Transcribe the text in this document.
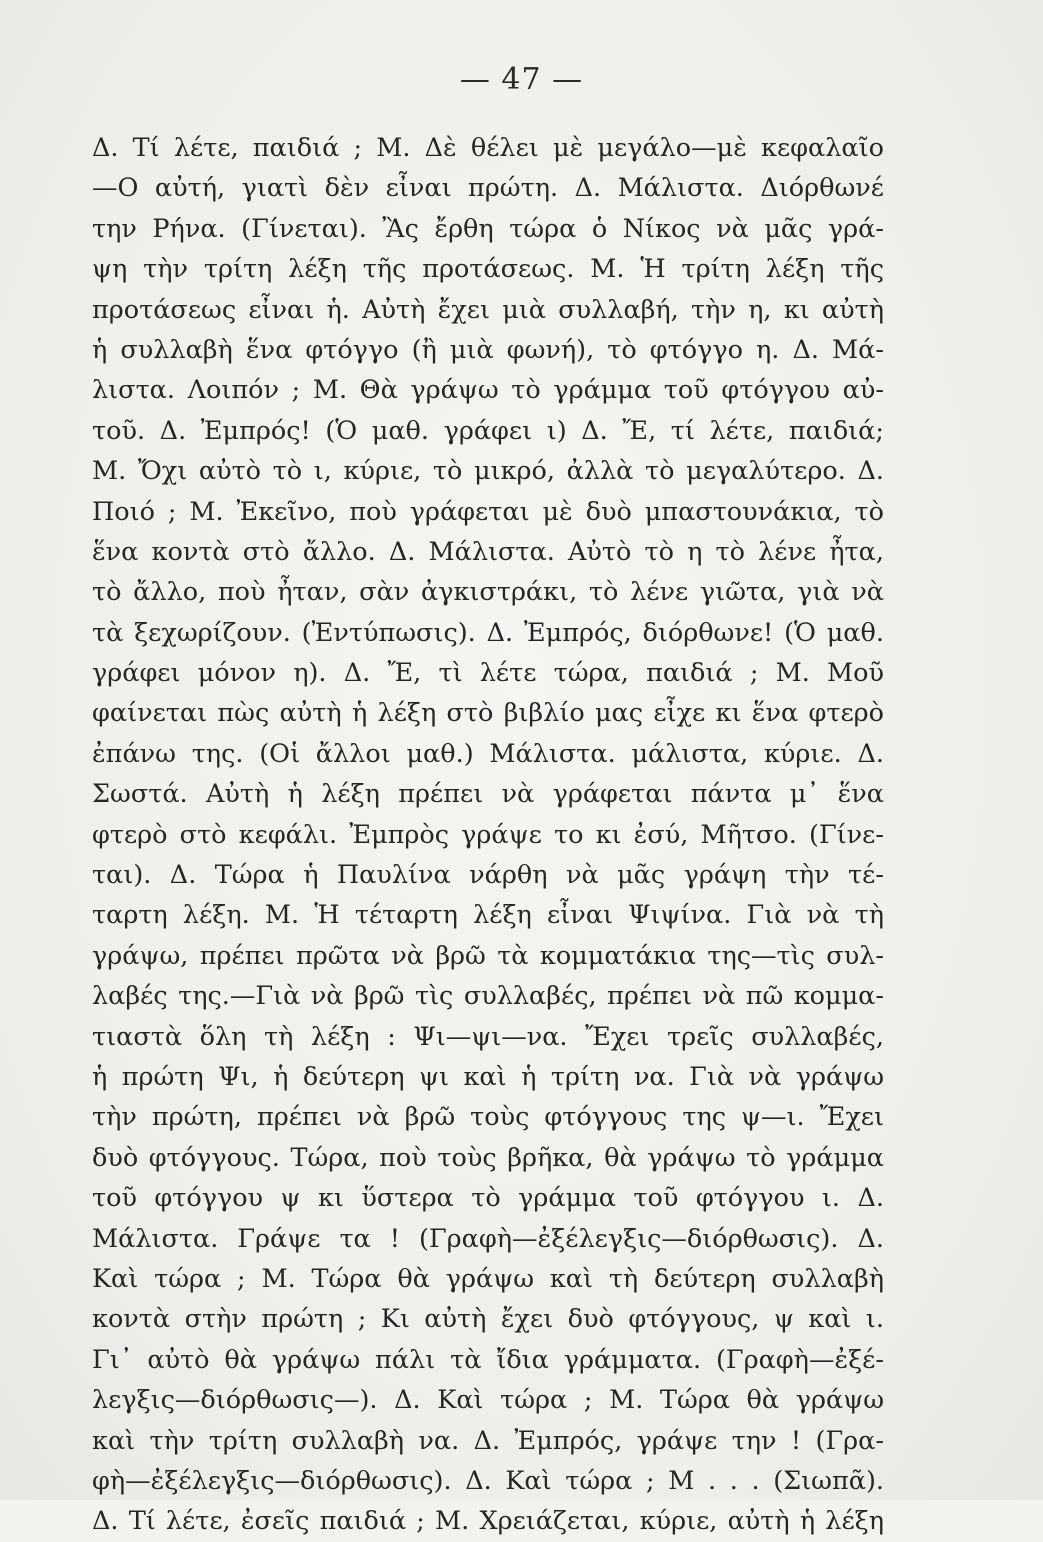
— 47 —
Δ. Τί λέτε, παιδιά ; Μ. Δὲ θέλει μὲ μεγάλο—μὲ κεφαλαῖο
—Ο αὐτή, γιατὶ δὲν εἶναι πρώτη. Δ. Μάλιστα. Διόρθωνέ
την Ρήνα. (Γίνεται). Ἂς ἔρθη τώρα ὁ Νίκος νὰ μᾶς γρά-
ψη τὴν τρίτη λέξη τῆς προτάσεως. Μ. Ἡ τρίτη λέξη τῆς
προτάσεως εἶναι ἡ. Αὐτὴ ἔχει μιὰ συλλαβή, τὴν η, κι αὐτὴ
ἡ συλλαβὴ ἕνα φτόγγο (ἢ μιὰ φωνή), τὸ φτόγγο η. Δ. Μά-
λιστα. Λοιπόν ; Μ. Θὰ γράψω τὸ γράμμα τοῦ φτόγγου αὐ-
τοῦ. Δ. Ἐμπρός! (Ὁ μαθ. γράφει ι) Δ. Ἔ, τί λέτε, παιδιά;
Μ. Ὄχι αὐτὸ τὸ ι, κύριε, τὸ μικρό, ἀλλὰ τὸ μεγαλύτερο. Δ.
Ποιό ; Μ. Ἐκεῖνο, ποὺ γράφεται μὲ δυὸ μπαστουνάκια, τὸ
ἕνα κοντὰ στὸ ἄλλο. Δ. Μάλιστα. Αὐτὸ τὸ η τὸ λένε ἦτα,
τὸ ἄλλο, ποὺ ἦταν, σὰν ἀγκιστράκι, τὸ λένε γιῶτα, γιὰ νὰ
τὰ ξεχωρίζουν. (Ἐντύπωσις). Δ. Ἐμπρός, διόρθωνε! (Ὁ μαθ.
γράφει μόνον η). Δ. Ἔ, τὶ λέτε τώρα, παιδιά ; Μ. Μοῦ
φαίνεται πὼς αὐτὴ ἡ λέξη στὸ βιβλίο μας εἶχε κι ἕνα φτερὸ
ἐπάνω της. (Οἱ ἄλλοι μαθ.) Μάλιστα. μάλιστα, κύριε. Δ.
Σωστά. Αὐτὴ ἡ λέξη πρέπει νὰ γράφεται πάντα μ᾽ ἕνα
φτερὸ στὸ κεφάλι. Ἐμπρὸς γράψε το κι ἐσύ, Μῆτσο. (Γίνε-
ται). Δ. Τώρα ἡ Παυλίνα νάρθη νὰ μᾶς γράψη τὴν τέ-
ταρτη λέξη. Μ. Ἡ τέταρτη λέξη εἶναι Ψιψίνα. Γιὰ νὰ τὴ
γράψω, πρέπει πρῶτα νὰ βρῶ τὰ κομματάκια της—τὶς συλ-
λαβές της.—Γιὰ νὰ βρῶ τὶς συλλαβές, πρέπει νὰ πῶ κομμα-
τιαστὰ ὅλη τὴ λέξη : Ψι—ψι—να. Ἔχει τρεῖς συλλαβές,
ἡ πρώτη Ψι, ἡ δεύτερη ψι καὶ ἡ τρίτη να. Γιὰ νὰ γράψω
τὴν πρώτη, πρέπει νὰ βρῶ τοὺς φτόγγους της ψ—ι. Ἔχει
δυὸ φτόγγους. Τώρα, ποὺ τοὺς βρῆκα, θὰ γράψω τὸ γράμμα
τοῦ φτόγγου ψ κι ὕστερα τὸ γράμμα τοῦ φτόγγου ι. Δ.
Μάλιστα. Γράψε τα ! (Γραφὴ—ἐξέλεγξις—διόρθωσις). Δ.
Καὶ τώρα ; Μ. Τώρα θὰ γράψω καὶ τὴ δεύτερη συλλαβὴ
κοντὰ στὴν πρώτη ; Κι αὐτὴ ἔχει δυὸ φτόγγους, ψ καὶ ι.
Γι᾽ αὐτὸ θὰ γράψω πάλι τὰ ἴδια γράμματα. (Γραφὴ—ἐξέ-
λεγξις—διόρθωσις—). Δ. Καὶ τώρα ; Μ. Τώρα θὰ γράψω
καὶ τὴν τρίτη συλλαβὴ να. Δ. Ἐμπρός, γράψε την ! (Γρα-
φὴ—ἐξέλεγξις—διόρθωσις). Δ. Καὶ τώρα ; Μ . . . (Σιωπᾶ).
Δ. Τί λέτε, ἐσεῖς παιδιά ; Μ. Χρειάζεται, κύριε, αὐτὴ ἡ λέξη
